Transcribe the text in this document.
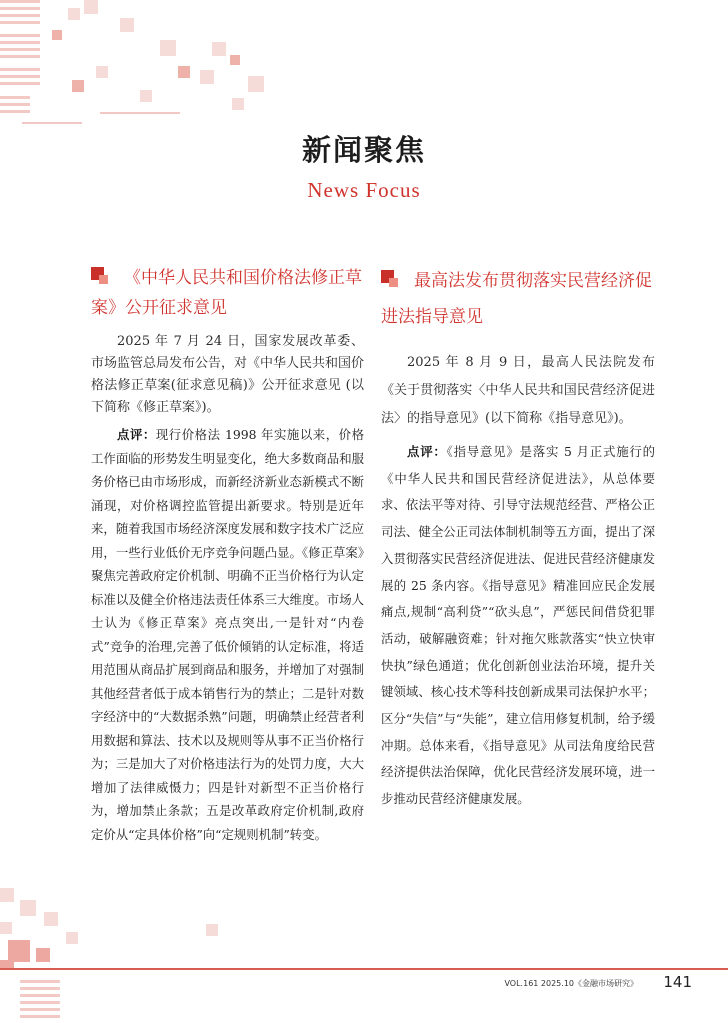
新闻聚焦
News Focus
《中华人民共和国价格法修正草案》公开征求意见

2025 年 7 月 24 日，国家发展改革委、市场监管总局发布公告，对《中华人民共和国价格法修正草案(征求意见稿)》公开征求意见 (以下简称《修正草案》)。

点评：现行价格法 1998 年实施以来，价格工作面临的形势发生明显变化，绝大多数商品和服务价格已由市场形成，而新经济新业态新模式不断涌现，对价格调控监管提出新要求。特别是近年来，随着我国市场经济深度发展和数字技术广泛应用，一些行业低价无序竞争问题凸显。《修正草案》聚焦完善政府定价机制、明确不正当价格行为认定标准以及健全价格违法责任体系三大维度。市场人士认为《修正草案》亮点突出,一是针对“内卷式”竞争的治理,完善了低价倾销的认定标准，将适用范围从商品扩展到商品和服务，并增加了对强制其他经营者低于成本销售行为的禁止；二是针对数字经济中的“大数据杀熟”问题，明确禁止经营者利用数据和算法、技术以及规则等从事不正当价格行为；三是加大了对价格违法行为的处罚力度，大大增加了法律威慑力；四是针对新型不正当价格行为，增加禁止条款；五是改革政府定价机制,政府定价从“定具体价格”向“定规则机制”转变。

最高法发布贯彻落实民营经济促进法指导意见

2025 年 8 月 9 日，最高人民法院发布《关于贯彻落实〈中华人民共和国民营经济促进法〉的指导意见》(以下简称《指导意见》)。

点评：《指导意见》是落实 5 月正式施行的《中华人民共和国民营经济促进法》，从总体要求、依法平等对待、引导守法规范经营、严格公正司法、健全公正司法体制机制等五方面，提出了深入贯彻落实民营经济促进法、促进民营经济健康发展的 25 条内容。《指导意见》精准回应民企发展痛点,规制“高利贷”“砍头息”，严惩民间借贷犯罪活动，破解融资难；针对拖欠账款落实“快立快审快执”绿色通道；优化创新创业法治环境，提升关键领域、核心技术等科技创新成果司法保护水平；区分“失信”与“失能”，建立信用修复机制，给予缓冲期。总体来看，《指导意见》从司法角度给民营经济提供法治保障，优化民营经济发展环境，进一步推动民营经济健康发展。

VOL.161 2025.10《金融市场研究》 141
